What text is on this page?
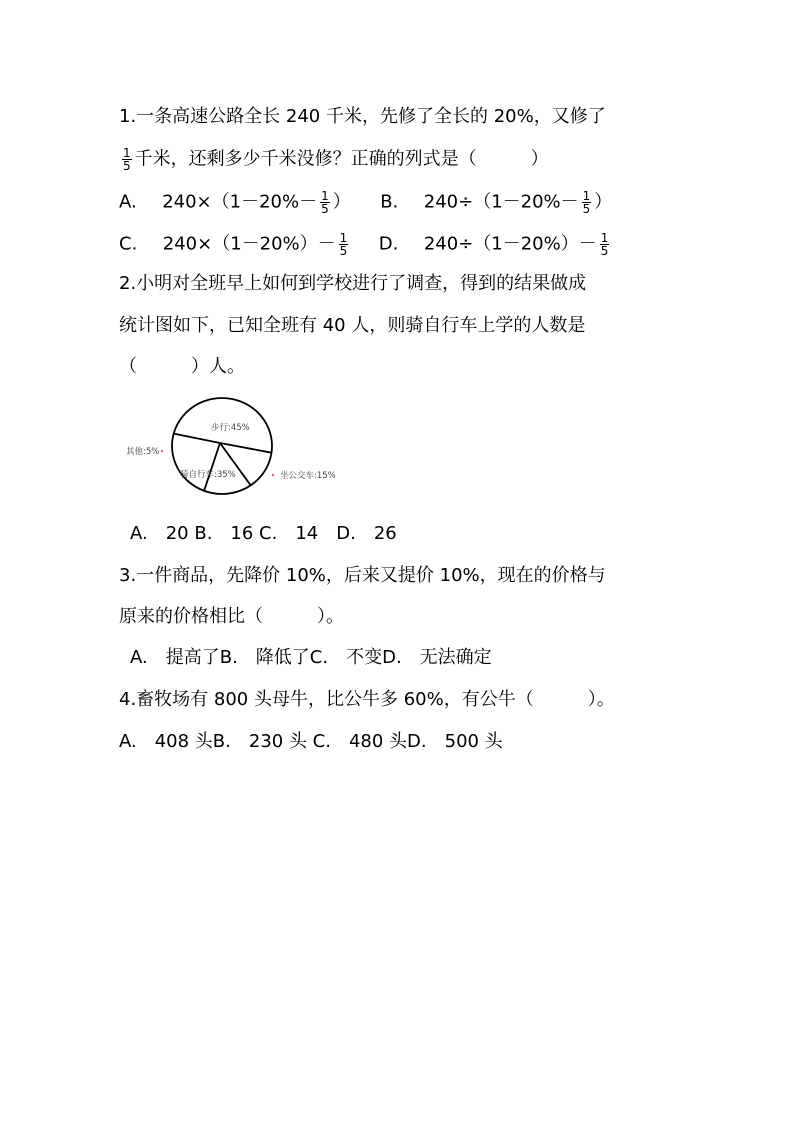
1.一条高速公路全长 240 千米，先修了全长的 20%，又修了
$\frac{1}{5}$ 千米，还剩多少千米没修？正确的列式是（　　　）
A. $240\times(1-20\%- \frac{1}{5}$ ） B. $240\div(1-20\%- \frac{1}{5}$ ）
C. $240\times(1-20\%)- \frac{1}{5} D$. $240\div(1-20\%)- \frac{1}{5}$
2.小明对全班早上如何到学校进行了调查，得到的结果做成
统计图如下，已知全班有 40 人，则骑自行车上学的人数是
（　　　）人。
步行:45%
坐公交车:15%
骑自行车:35%
其他:5%
A.　20 B.　16 C.　14　D.　26
3.一件商品，先降价 10%，后来又提价 10%，现在的价格与
原来的价格相比（　　　）。
A.　提高了B.　降低了C.　不变D.　无法确定
4.畜牧场有 800 头母牛，比公牛多 60%，有公牛（　　　）。
A.　408 头B.　230 头 C.　480 头D.　500 头
